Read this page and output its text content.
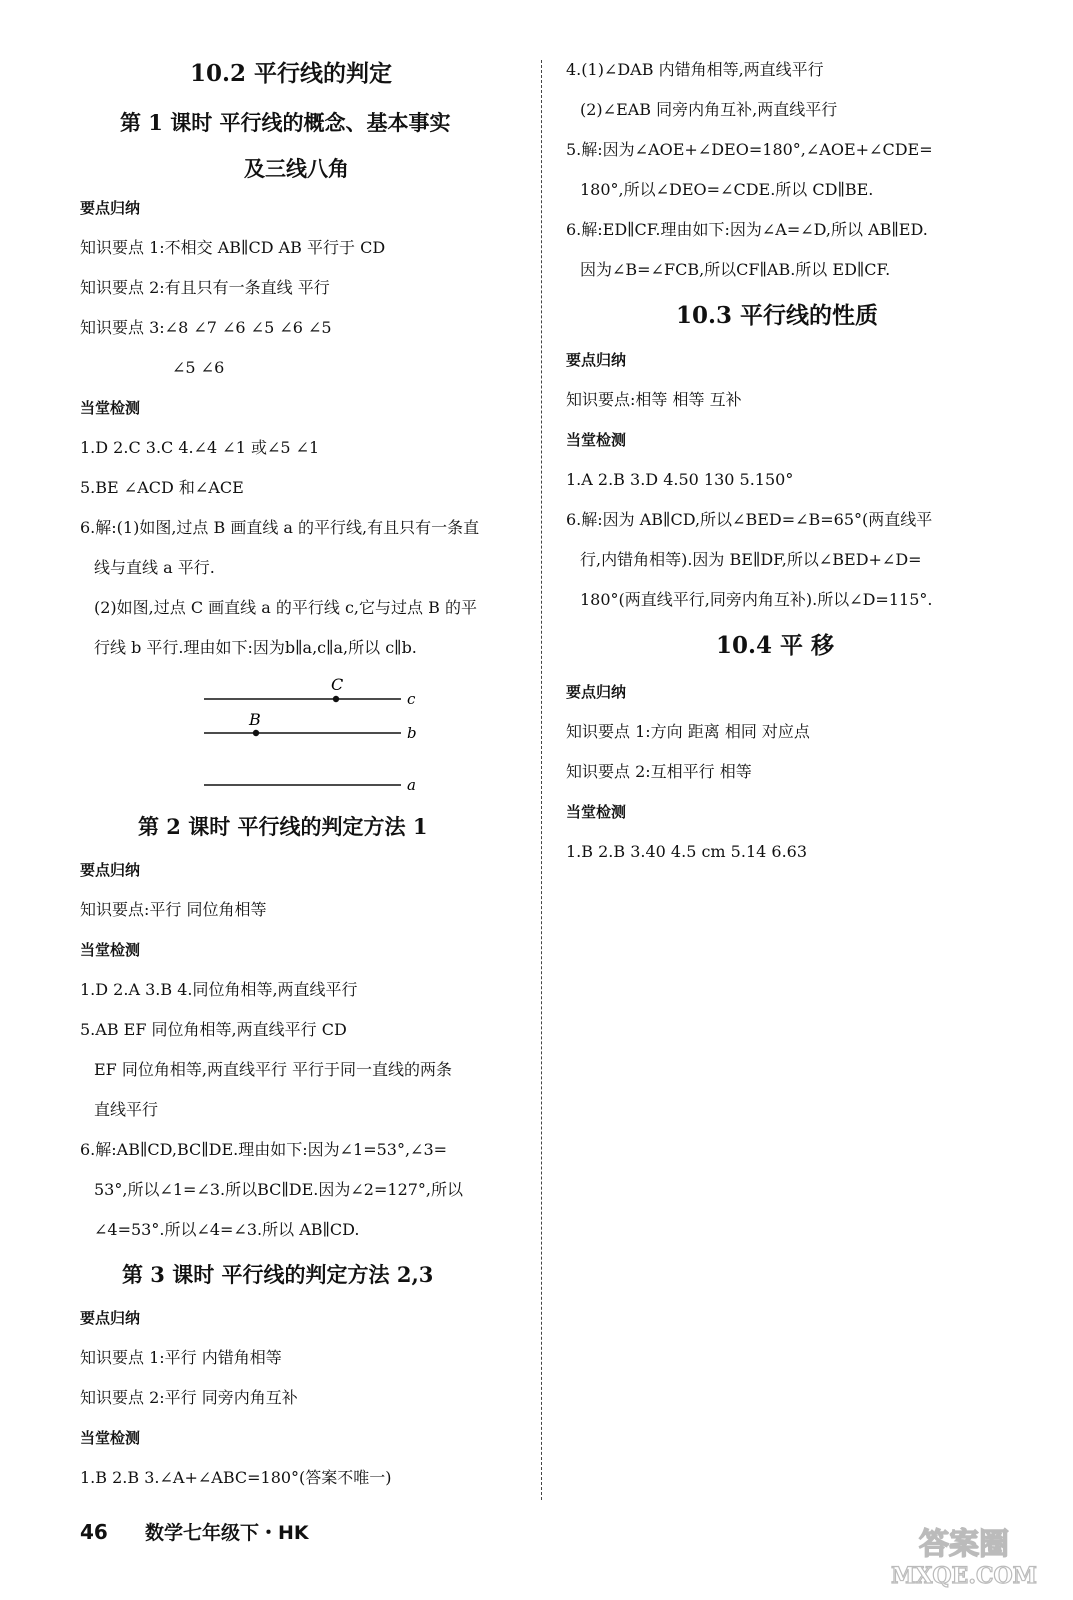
10.2 平行线的判定
第 1 课时 平行线的概念、基本事实
及三线八角
要点归纳
知识要点 1:不相交 AB∥CD AB 平行于 CD
知识要点 2:有且只有一条直线 平行
知识要点 3:∠8 ∠7 ∠6 ∠5 ∠6 ∠5
∠5 ∠6
当堂检测
1.D 2.C 3.C 4.∠4 ∠1 或∠5 ∠1
5.BE ∠ACD 和∠ACE
6.解:(1)如图,过点 B 画直线 a 的平行线,有且只有一条直
线与直线 a 平行.
(2)如图,过点 C 画直线 a 的平行线 c,它与过点 B 的平
行线 b 平行.理由如下:因为b∥a,c∥a,所以 c∥b.
C
B
c
b
a
第 2 课时 平行线的判定方法 1
要点归纳
知识要点:平行 同位角相等
当堂检测
1.D 2.A 3.B 4.同位角相等,两直线平行
5.AB EF 同位角相等,两直线平行 CD
EF 同位角相等,两直线平行 平行于同一直线的两条
直线平行
6.解:AB∥CD,BC∥DE.理由如下:因为∠1=53°,∠3=
53°,所以∠1=∠3.所以BC∥DE.因为∠2=127°,所以
∠4=53°.所以∠4=∠3.所以 AB∥CD.
第 3 课时 平行线的判定方法 2,3
要点归纳
知识要点 1:平行 内错角相等
知识要点 2:平行 同旁内角互补
当堂检测
1.B 2.B 3.∠A+∠ABC=180°(答案不唯一)
4.(1)∠DAB 内错角相等,两直线平行
(2)∠EAB 同旁内角互补,两直线平行
5.解:因为∠AOE+∠DEO=180°,∠AOE+∠CDE=
180°,所以∠DEO=∠CDE.所以 CD∥BE.
6.解:ED∥CF.理由如下:因为∠A=∠D,所以 AB∥ED.
因为∠B=∠FCB,所以CF∥AB.所以 ED∥CF.
10.3 平行线的性质
要点归纳
知识要点:相等 相等 互补
当堂检测
1.A 2.B 3.D 4.50 130 5.150°
6.解:因为 AB∥CD,所以∠BED=∠B=65°(两直线平
行,内错角相等).因为 BE∥DF,所以∠BED+∠D=
180°(两直线平行,同旁内角互补).所以∠D=115°.
10.4 平 移
要点归纳
知识要点 1:方向 距离 相同 对应点
知识要点 2:互相平行 相等
当堂检测
1.B 2.B 3.40 4.5 cm 5.14 6.63
46 数学七年级下・HK	答案圈
MXQE.COM
